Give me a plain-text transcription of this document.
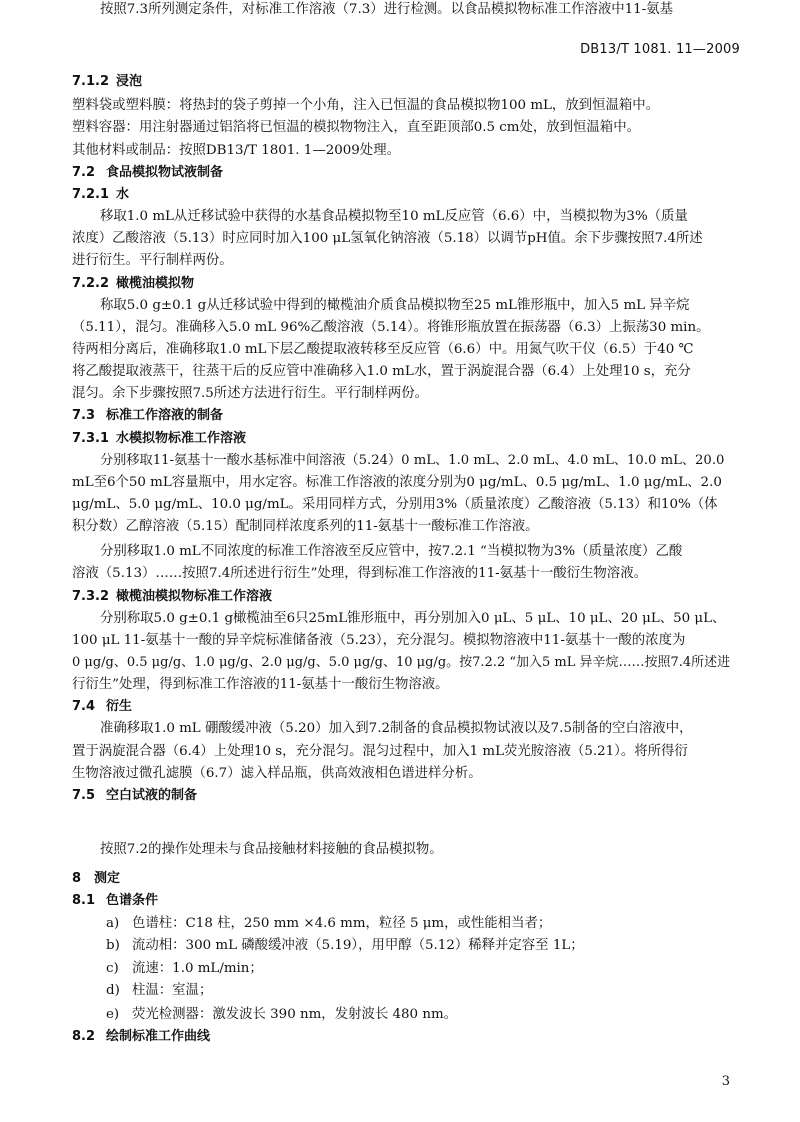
DB13/T 1081. 11—2009
7.1.2 浸泡
塑料袋或塑料膜：将热封的袋子剪掉一个小角，注入已恒温的食品模拟物100 mL，放到恒温箱中。
塑料容器：用注射器通过铝箔将已恒温的模拟物物注入，直至距顶部0.5 cm处，放到恒温箱中。
其他材料或制品：按照DB13/T 1801. 1—2009处理。
7.2 食品模拟物试液制备
7.2.1 水
移取1.0 mL从迁移试验中获得的水基食品模拟物至10 mL反应管（6.6）中，当模拟物为3%（质量
浓度）乙酸溶液（5.13）时应同时加入100 μL氢氧化钠溶液（5.18）以调节pH值。余下步骤按照7.4所述
进行衍生。平行制样两份。
7.2.2 橄榄油模拟物
称取5.0 g±0.1 g从迁移试验中得到的橄榄油介质食品模拟物至25 mL锥形瓶中，加入5 mL 异辛烷
（5.11），混匀。准确移入5.0 mL 96%乙酸溶液（5.14）。将锥形瓶放置在振荡器（6.3）上振荡30 min。
待两相分离后，准确移取1.0 mL下层乙酸提取液转移至反应管（6.6）中。用氮气吹干仪（6.5）于40 ℃
将乙酸提取液蒸干，往蒸干后的反应管中准确移入1.0 mL水，置于涡旋混合器（6.4）上处理10 s，充分
混匀。余下步骤按照7.5所述方法进行衍生。平行制样两份。
7.3 标准工作溶液的制备
7.3.1 水模拟物标准工作溶液
分别移取11-氨基十一酸水基标准中间溶液（5.24）0 mL、1.0 mL、2.0 mL、4.0 mL、10.0 mL、20.0
mL至6个50 mL容量瓶中，用水定容。标准工作溶液的浓度分别为0 μg/mL、0.5 μg/mL、1.0 μg/mL、2.0
μg/mL、5.0 μg/mL、10.0 μg/mL。采用同样方式，分别用3%（质量浓度）乙酸溶液（5.13）和10%（体
积分数）乙醇溶液（5.15）配制同样浓度系列的11-氨基十一酸标准工作溶液。
分别移取1.0 mL不同浓度的标准工作溶液至反应管中，按7.2.1 “当模拟物为3%（质量浓度）乙酸
溶液（5.13）……按照7.4所述进行衍生”处理，得到标准工作溶液的11-氨基十一酸衍生物溶液。
7.3.2 橄榄油模拟物标准工作溶液
分别称取5.0 g±0.1 g橄榄油至6只25mL锥形瓶中，再分别加入0 μL、5 μL、10 μL、20 μL、50 μL、
100 μL 11-氨基十一酸的异辛烷标准储备液（5.23），充分混匀。模拟物溶液中11-氨基十一酸的浓度为
0 μg/g、0.5 μg/g、1.0 μg/g、2.0 μg/g、5.0 μg/g、10 μg/g。按7.2.2 “加入5 mL 异辛烷……按照7.4所述进
行衍生”处理，得到标准工作溶液的11-氨基十一酸衍生物溶液。
7.4 衍生
准确移取1.0 mL 硼酸缓冲液（5.20）加入到7.2制备的食品模拟物试液以及7.5制备的空白溶液中，
置于涡旋混合器（6.4）上处理10 s，充分混匀。混匀过程中，加入1 mL荧光胺溶液（5.21）。将所得衍
生物溶液过微孔滤膜（6.7）滤入样品瓶，供高效液相色谱进样分析。
7.5 空白试液的制备
按照7.2的操作处理未与食品接触材料接触的食品模拟物。
8 测定
8.1 色谱条件
a) 色谱柱：C18 柱，250 mm ×4.6 mm，粒径 5 μm，或性能相当者；
b) 流动相：300 mL 磷酸缓冲液（5.19），用甲醇（5.12）稀释并定容至 1L；
c) 流速：1.0 mL/min；
d) 柱温：室温；
e) 荧光检测器：激发波长 390 nm，发射波长 480 nm。
8.2 绘制标准工作曲线
按照7.3所列测定条件，对标准工作溶液（7.3）进行检测。以食品模拟物标准工作溶液中11-氨基
3
